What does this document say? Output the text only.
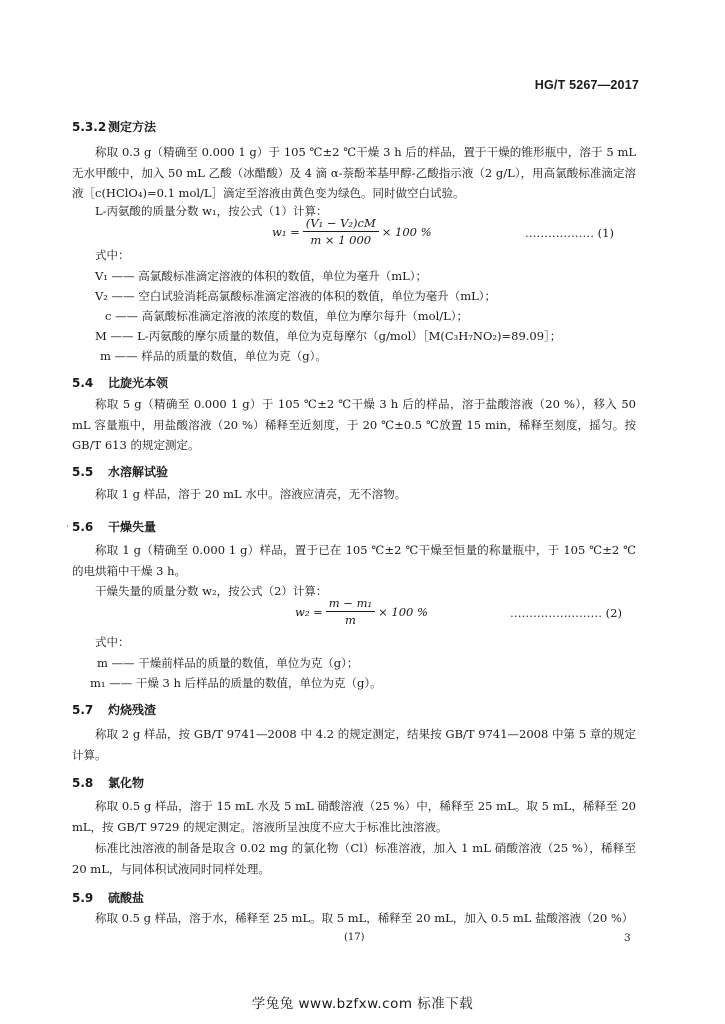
HG/T 5267—2017
5.3.2 测定方法
称取 0.3 g（精确至 0.000 1 g）于 105 ℃±2 ℃干燥 3 h 后的样品，置于干燥的锥形瓶中，溶于 5 mL 无水甲酸中，加入 50 mL 乙酸（冰醋酸）及 4 滴 α-萘酚苯基甲醇-乙酸指示液（2 g/L），用高氯酸标准滴定溶液［c(HClO₄)=0.1 mol/L］滴定至溶液由黄色变为绿色。同时做空白试验。
L-丙氨酸的质量分数 w₁，按公式（1）计算：
$w_1 = \frac{\text{(V₁ − V₂)cM}}{m \times 1 000} \times 100$ %	……………… (1)
式中：
V₁ —— 高氯酸标准滴定溶液的体积的数值，单位为毫升（mL）；
V₂ —— 空白试验消耗高氯酸标准滴定溶液的体积的数值，单位为毫升（mL）；
c —— 高氯酸标准滴定溶液的浓度的数值，单位为摩尔每升（mol/L）；
M —— L-丙氨酸的摩尔质量的数值，单位为克每摩尔（g/mol）［M(C₃H₇NO₂)=89.09］；
m —— 样品的质量的数值，单位为克（g）。
5.4 比旋光本领
称取 5 g（精确至 0.000 1 g）于 105 ℃±2 ℃干燥 3 h 后的样品，溶于盐酸溶液（20 %），移入 50 mL 容量瓶中，用盐酸溶液（20 %）稀释至近刻度，于 20 ℃±0.5 ℃放置 15 min，稀释至刻度，摇匀。按 GB/T 613 的规定测定。
5.5 水溶解试验
称取 1 g 样品，溶于 20 mL 水中。溶液应清亮，无不溶物。
· 5.6 干燥失量
称取 1 g（精确至 0.000 1 g）样品，置于已在 105 ℃±2 ℃干燥至恒量的称量瓶中，于 105 ℃±2 ℃的电烘箱中干燥 3 h。
干燥失量的质量分数 w₂，按公式（2）计算：
$w_2 = \frac{\text{m − m₁}}{m} \times 100$ %	…………………… (2)
式中：
m —— 干燥前样品的质量的数值，单位为克（g）；
m₁ —— 干燥 3 h 后样品的质量的数值，单位为克（g）。
5.7 灼烧残渣
称取 2 g 样品，按 GB/T 9741—2008 中 4.2 的规定测定，结果按 GB/T 9741—2008 中第 5 章的规定计算。
5.8 氯化物
称取 0.5 g 样品，溶于 15 mL 水及 5 mL 硝酸溶液（25 %）中，稀释至 25 mL。取 5 mL，稀释至 20 mL，按 GB/T 9729 的规定测定。溶液所呈浊度不应大于标准比浊溶液。
标准比浊溶液的制备是取含 0.02 mg 的氯化物（Cl）标准溶液，加入 1 mL 硝酸溶液（25 %），稀释至 20 mL，与同体积试液同时同样处理。
5.9 硫酸盐
称取 0.5 g 样品，溶于水，稀释至 25 mL。取 5 mL，稀释至 20 mL，加入 0.5 mL 盐酸溶液（20 %）
(17)	3
学兔兔 www.bzfxw.com 标准下载
